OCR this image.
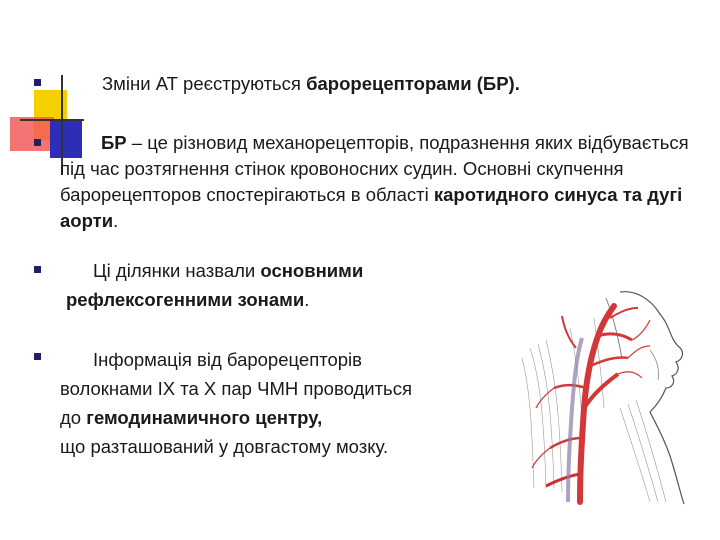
Зміни АТ реєструються барорецепторами (БР).
БР – це різновид механорецепторів, подразнення яких відбувається під час розтягнення стінок кровоносних судин. Основні скупчення барорецепторов спостерігаються в області каротидного синуса та дугі аорти.
Ці ділянки назвали основними
рефлексогенними зонами.
Інформація від барорецепторів
волокнами IX та X пар ЧМН проводиться
до гемодинамичного центру,
що разташований у довгастому мозку.
